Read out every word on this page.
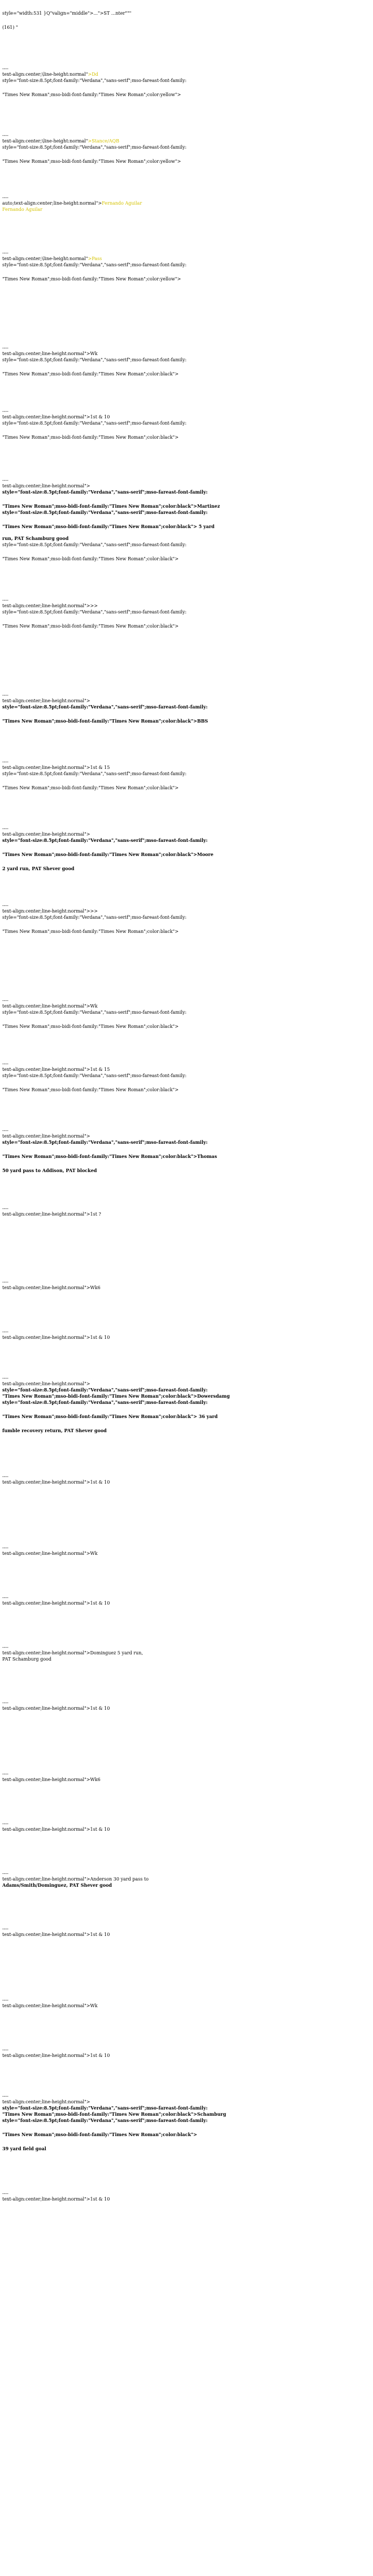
style="width:531 }Q"valign="middle">...">ST ...nter"""
(161) "
----
text-align:center;\line-height:normal">Dd
style="font-size:8.5pt;font-family:"Verdana","sans-serif";mso-fareast-font-family:
"Times New Roman";mso-bidi-font-family:"Times New Roman";color:yellow">
----
text-align:center;\line-height:normal">Stance/AQB
style="font-size:8.5pt;font-family:"Verdana","sans-serif";mso-fareast-font-family:
"Times New Roman";mso-bidi-font-family:"Times New Roman";color:yellow">
----
auto;text-align:center;line-height:normal">Fernando Aguilar
Fernando Aguilar
----
text-align:center;\line-height:normal">Pass
style="font-size:8.5pt;font-family:"Verdana","sans-serif";mso-fareast-font-family:
"Times New Roman";mso-bidi-font-family:"Times New Roman";color:yellow">
----
text-align:center;line-height:normal">Wk
style="font-size:8.5pt;font-family:"Verdana","sans-serif";mso-fareast-font-family:
"Times New Roman";mso-bidi-font-family:"Times New Roman";color:black">
----
text-align:center;line-height:normal">1st & 10
style="font-size:8.5pt;font-family:"Verdana","sans-serif";mso-fareast-font-family:
"Times New Roman";mso-bidi-font-family:"Times New Roman";color:black">
----
text-align:center;line-height:normal">
style="font-size:8.5pt;font-family:"Verdana","sans-serif";mso-fareast-font-family:
"Times New Roman";mso-bidi-font-family:"Times New Roman";color:black">Martinez
style="font-size:8.5pt;font-family:"Verdana","sans-serif";mso-fareast-font-family:
"Times New Roman";mso-bidi-font-family:"Times New Roman";color:black"> 5 yard
run, PAT Schamburg good
style="font-size:8.5pt;font-family:"Verdana","sans-serif";mso-fareast-font-family:
"Times New Roman";mso-bidi-font-family:"Times New Roman";color:black">
----
text-align:center;line-height:normal">>>
style="font-size:8.5pt;font-family:"Verdana","sans-serif";mso-fareast-font-family:
"Times New Roman";mso-bidi-font-family:"Times New Roman";color:black">
----
text-align:center;line-height:normal">
style="font-size:8.5pt;font-family:"Verdana","sans-serif";mso-fareast-font-family:
"Times New Roman";mso-bidi-font-family:"Times New Roman";color:black">BBS
----
text-align:center;line-height:normal">1st & 15
style="font-size:8.5pt;font-family:"Verdana","sans-serif";mso-fareast-font-family:
"Times New Roman";mso-bidi-font-family:"Times New Roman";color:black">
----
text-align:center;line-height:normal">
style="font-size:8.5pt;font-family:"Verdana","sans-serif";mso-fareast-font-family:
"Times New Roman";mso-bidi-font-family:"Times New Roman";color:black">Moore
2 yard run, PAT Shever good
----
text-align:center;line-height:normal">>>
style="font-size:8.5pt;font-family:"Verdana","sans-serif";mso-fareast-font-family:
"Times New Roman";mso-bidi-font-family:"Times New Roman";color:black">
----
text-align:center;line-height:normal">Wk
style="font-size:8.5pt;font-family:"Verdana","sans-serif";mso-fareast-font-family:
"Times New Roman";mso-bidi-font-family:"Times New Roman";color:black">
----
text-align:center;line-height:normal">1st & 15
style="font-size:8.5pt;font-family:"Verdana","sans-serif";mso-fareast-font-family:
"Times New Roman";mso-bidi-font-family:"Times New Roman";color:black">
----
text-align:center;line-height:normal">
style="font-size:8.5pt;font-family:"Verdana","sans-serif";mso-fareast-font-family:
"Times New Roman";mso-bidi-font-family:"Times New Roman";color:black">Thomas
50 yard pass to Addison, PAT blocked
----
text-align:center;line-height:normal">1st ?
----
text-align:center;line-height:normal">Wk6
----
text-align:center;line-height:normal">1st & 10
----
text-align:center;line-height:normal">
style="font-size:8.5pt;font-family:"Verdana","sans-serif";mso-fareast-font-family:
"Times New Roman";mso-bidi-font-family:"Times New Roman";color:black">Dowersdamg
style="font-size:8.5pt;font-family:"Verdana","sans-serif";mso-fareast-font-family:
"Times New Roman";mso-bidi-font-family:"Times New Roman";color:black"> 36 yard
fumble recovery return, PAT Shever good
----
text-align:center;line-height:normal">1st & 10
----
text-align:center;line-height:normal">Wk
----
text-align:center;line-height:normal">1st & 10
----
text-align:center;line-height:normal">Dominguez 5 yard run,
PAT Schamburg good
----
text-align:center;line-height:normal">1st & 10
----
text-align:center;line-height:normal">Wk6
----
text-align:center;line-height:normal">1st & 10
----
text-align:center;line-height:normal">Anderson 30 yard pass to
Adams/Smith/Dominguez, PAT Shever good
----
text-align:center;line-height:normal">1st & 10
----
text-align:center;line-height:normal">Wk
----
text-align:center;line-height:normal">1st & 10
----
text-align:center;line-height:normal">
style="font-size:8.5pt;font-family:"Verdana","sans-serif";mso-fareast-font-family:
"Times New Roman";mso-bidi-font-family:"Times New Roman";color:black">Schamburg
style="font-size:8.5pt;font-family:"Verdana","sans-serif";mso-fareast-font-family:
"Times New Roman";mso-bidi-font-family:"Times New Roman";color:black">
39 yard field goal
----
text-align:center;line-height:normal">1st & 10
